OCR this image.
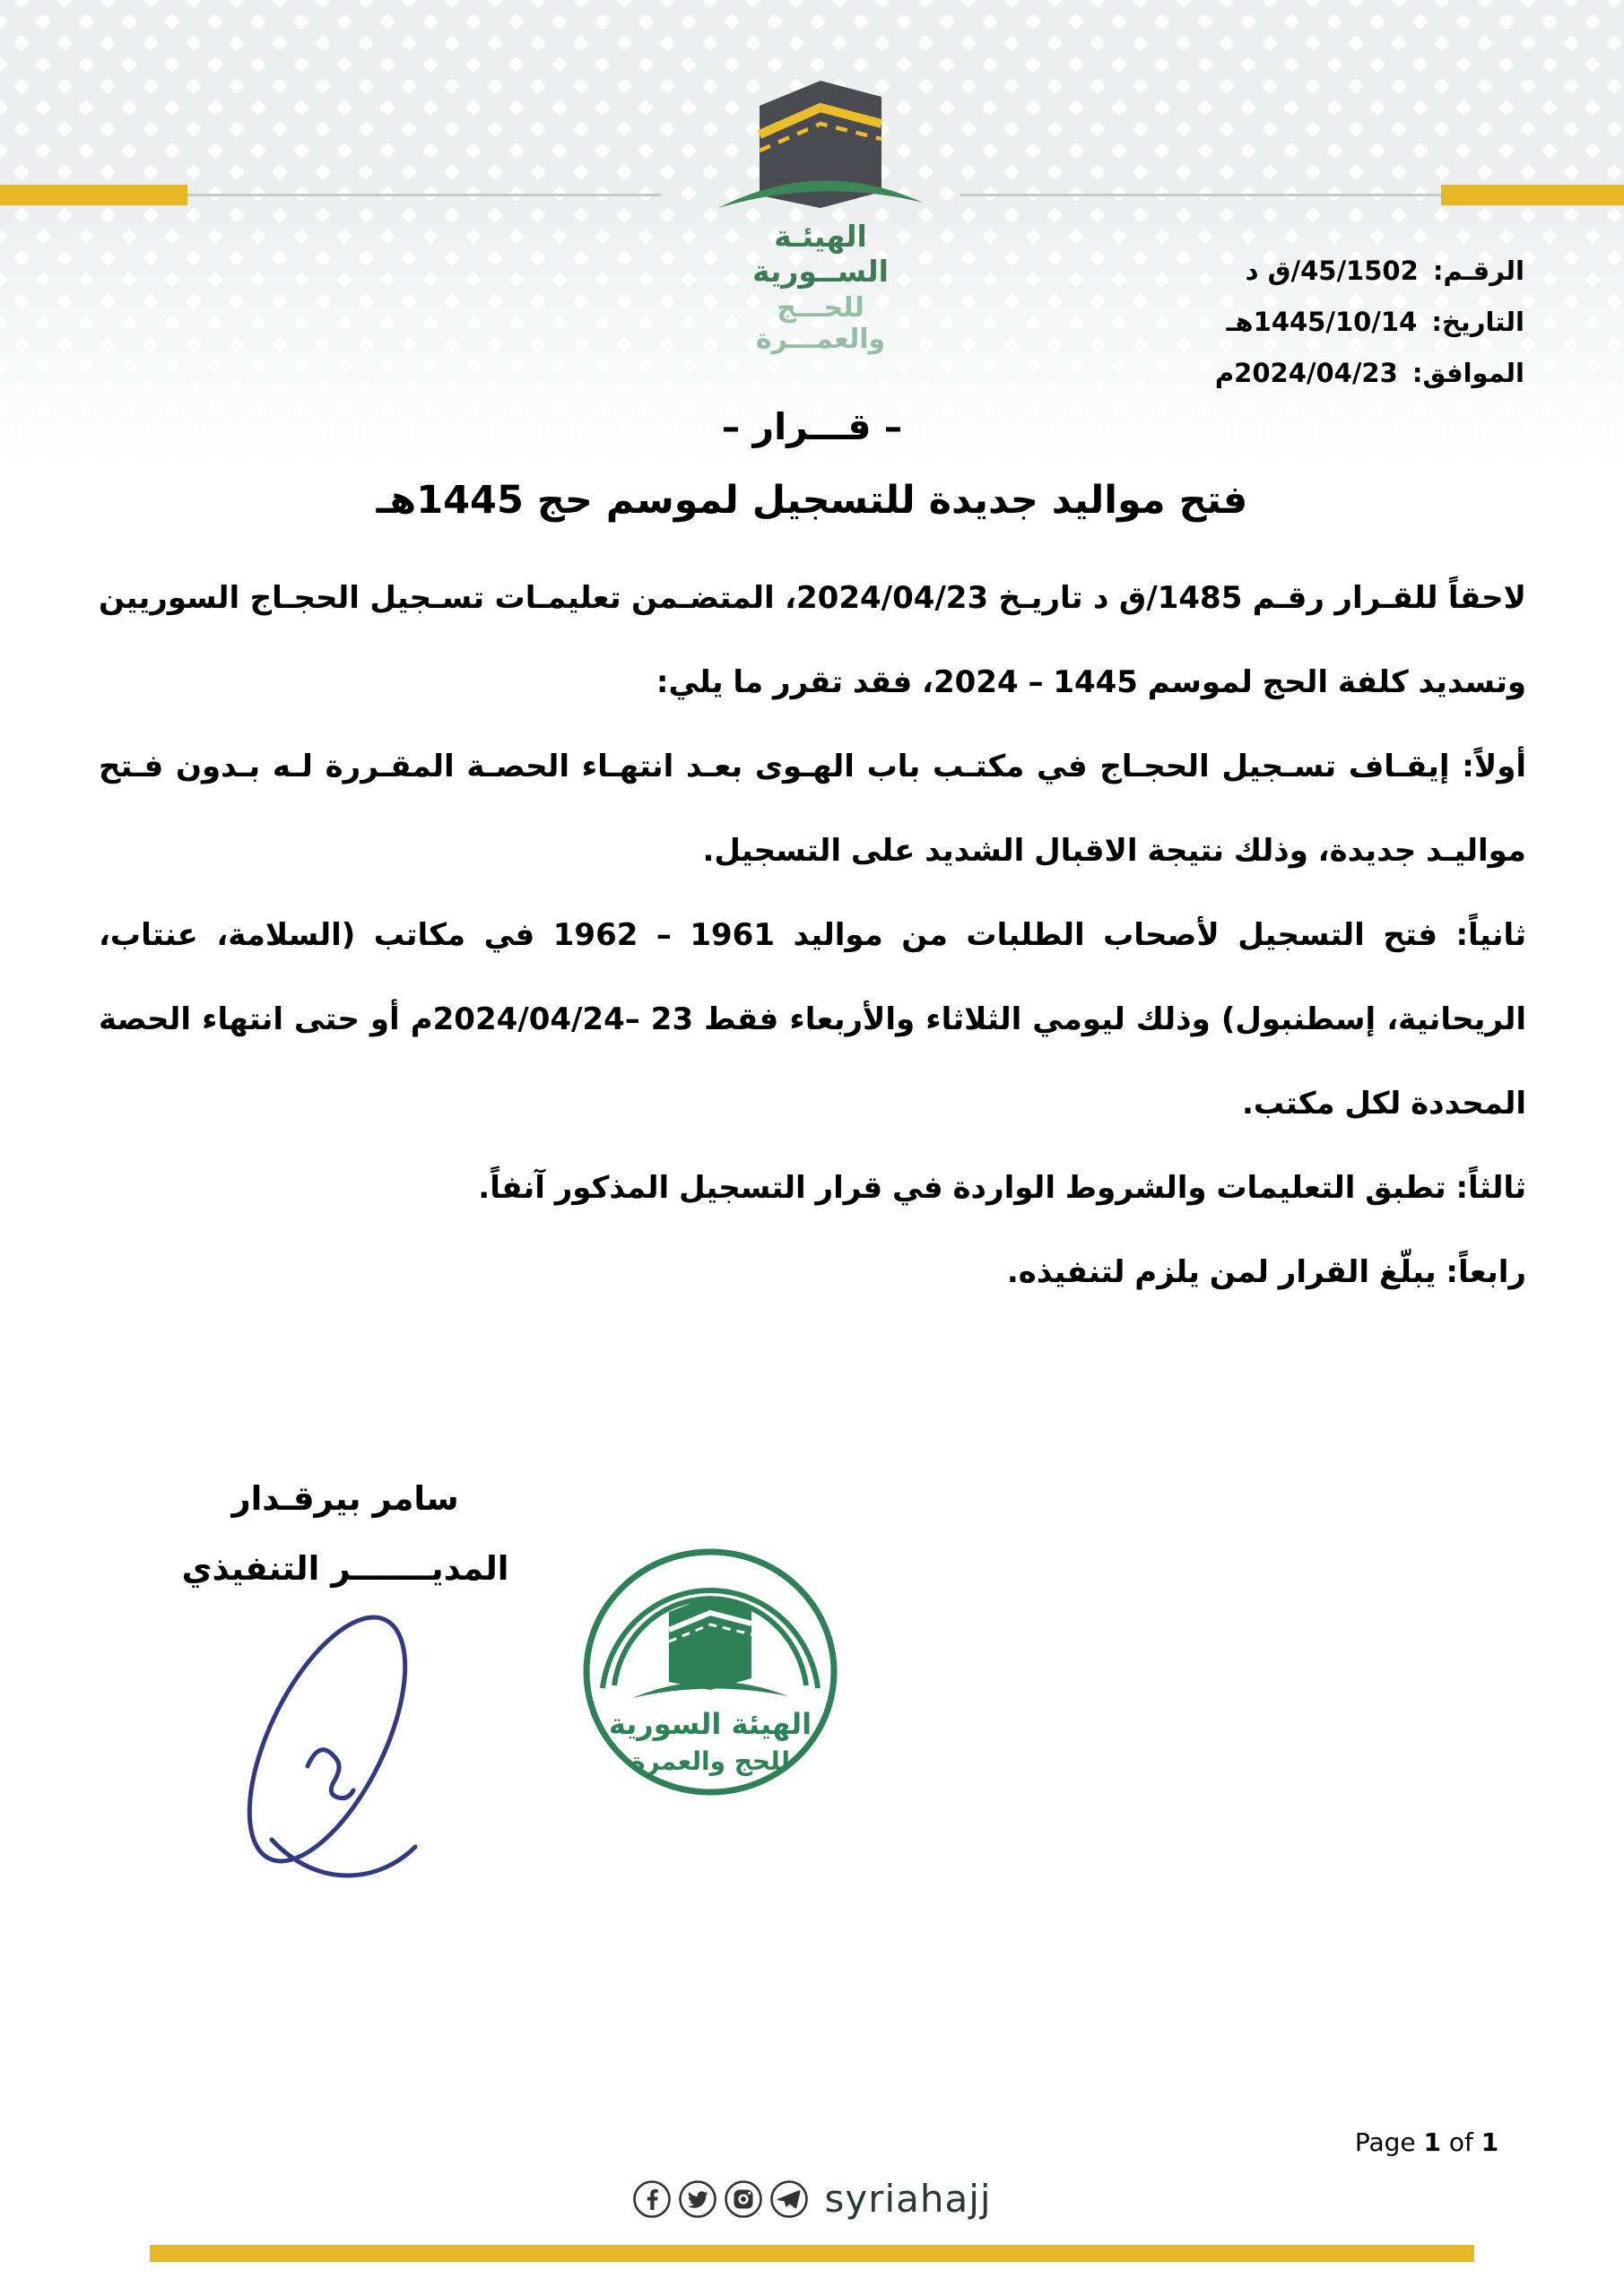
الهيئـة الســورية
للحـــج والعمـــرة
الرقـم: 45/1502/ق د
التاريخ: 1445/10/14هـ
الموافق: 2024/04/23م
– قـــرار –
فتح مواليد جديدة للتسجيل لموسم حج 1445هـ

لاحقاً للقـرار رقـم 1485/ق د تاريـخ 2024/04/23، المتضـمن تعليمـات تسـجيل الحجـاج السوريين وتسديد كلفة الحج لموسم 1445 – 2024، فقد تقرر ما يلي:

أولاً: إيقـاف تسـجيل الحجـاج في مكتـب باب الهـوى بعـد انتهـاء الحصـة المقـررة لـه بـدون فـتح مواليـد جديدة، وذلك نتيجة الاقبال الشديد على التسجيل.

ثانياً: فتح التسجيل لأصحاب الطلبات من مواليد 1961 – 1962 في مكاتب (السلامة، عنتاب، الريحانية، إسطنبول) وذلك ليومي الثلاثاء والأربعاء فقط 23 –2024/04/24م أو حتى انتهاء الحصة المحددة لكل مكتب.

ثالثاً: تطبق التعليمات والشروط الواردة في قرار التسجيل المذكور آنفاً.

رابعاً: يبلّغ القرار لمن يلزم لتنفيذه.

سامر بيرقـدار
المديـــــــر التنفيذي
الهيئة السورية
للحج والعمرة

Page 1 of 1

syriahajj
